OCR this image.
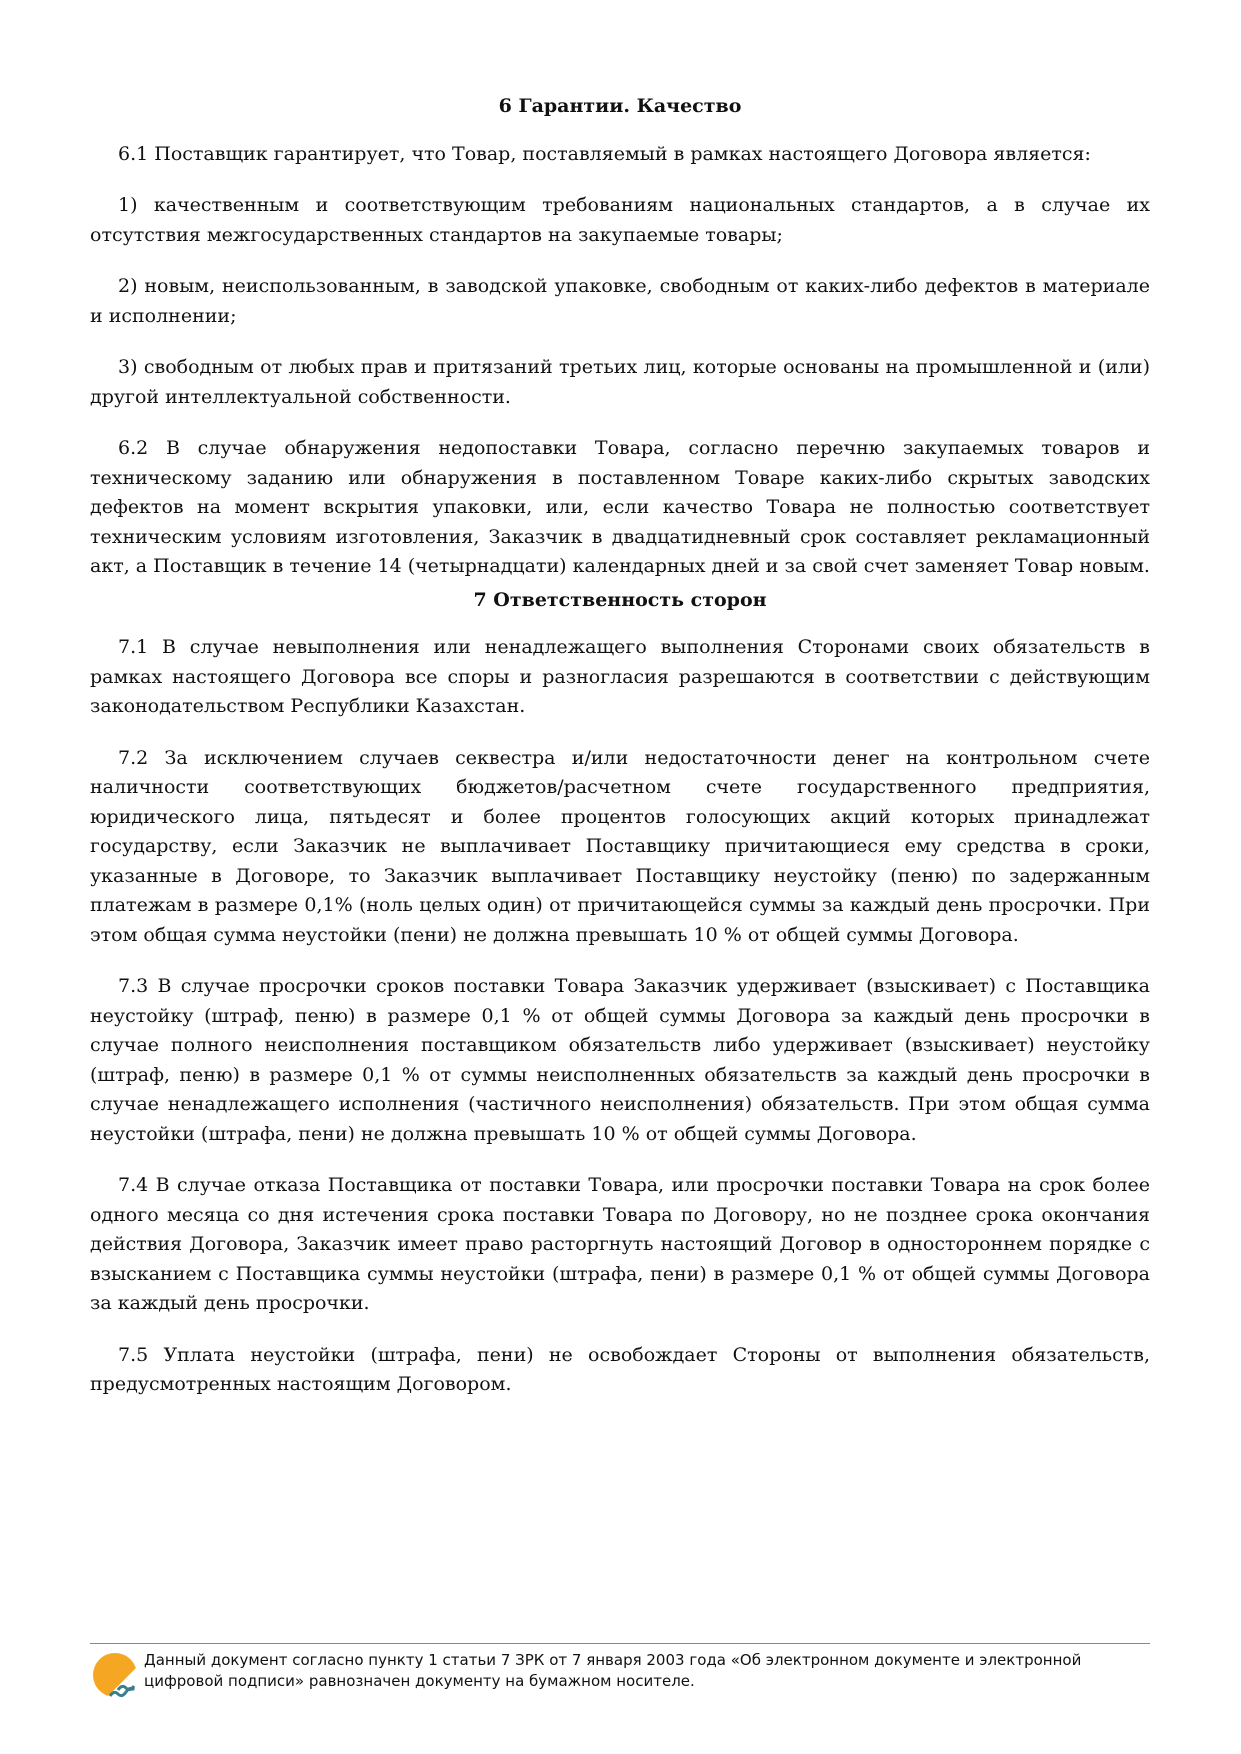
6 Гарантии. Качество

6.1 Поставщик гарантирует, что Товар, поставляемый в рамках настоящего Договора является:

1) качественным и соответствующим требованиям национальных стандартов, а в случае их отсутствия межгосударственных стандартов на закупаемые товары;

2) новым, неиспользованным, в заводской упаковке, свободным от каких-либо дефектов в материале и исполнении;

3) свободным от любых прав и притязаний третьих лиц, которые основаны на промышленной и (или) другой интеллектуальной собственности.

6.2 В случае обнаружения недопоставки Товара, согласно перечню закупаемых товаров и техническому заданию или обнаружения в поставленном Товаре каких-либо скрытых заводских дефектов на момент вскрытия упаковки, или, если качество Товара не полностью соответствует техническим условиям изготовления, Заказчик в двадцатидневный срок составляет рекламационный акт, а Поставщик в течение 14 (четырнадцати) календарных дней и за свой счет заменяет Товар новым.

7 Ответственность сторон

7.1 В случае невыполнения или ненадлежащего выполнения Сторонами своих обязательств в рамках настоящего Договора все споры и разногласия разрешаются в соответствии с действующим законодательством Республики Казахстан.

7.2 За исключением случаев секвестра и/или недостаточности денег на контрольном счете наличности соответствующих бюджетов/расчетном счете государственного предприятия, юридического лица, пятьдесят и более процентов голосующих акций которых принадлежат государству, если Заказчик не выплачивает Поставщику причитающиеся ему средства в сроки, указанные в Договоре, то Заказчик выплачивает Поставщику неустойку (пеню) по задержанным платежам в размере 0,1% (ноль целых один) от причитающейся суммы за каждый день просрочки. При этом общая сумма неустойки (пени) не должна превышать 10 % от общей суммы Договора.

7.3 В случае просрочки сроков поставки Товара Заказчик удерживает (взыскивает) с Поставщика неустойку (штраф, пеню) в размере 0,1 % от общей суммы Договора за каждый день просрочки в случае полного неисполнения поставщиком обязательств либо удерживает (взыскивает) неустойку (штраф, пеню) в размере 0,1 % от суммы неисполненных обязательств за каждый день просрочки в случае ненадлежащего исполнения (частичного неисполнения) обязательств. При этом общая сумма неустойки (штрафа, пени) не должна превышать 10 % от общей суммы Договора.

7.4 В случае отказа Поставщика от поставки Товара, или просрочки поставки Товара на срок более одного месяца со дня истечения срока поставки Товара по Договору, но не позднее срока окончания действия Договора, Заказчик имеет право расторгнуть настоящий Договор в одностороннем порядке с взысканием с Поставщика суммы неустойки (штрафа, пени) в размере 0,1 % от общей суммы Договора за каждый день просрочки.

7.5 Уплата неустойки (штрафа, пени) не освобождает Стороны от выполнения обязательств, предусмотренных настоящим Договором.

Данный документ согласно пункту 1 статьи 7 ЗРК от 7 января 2003 года «Об электронном документе и электронной цифровой подписи» равнозначен документу на бумажном носителе.
